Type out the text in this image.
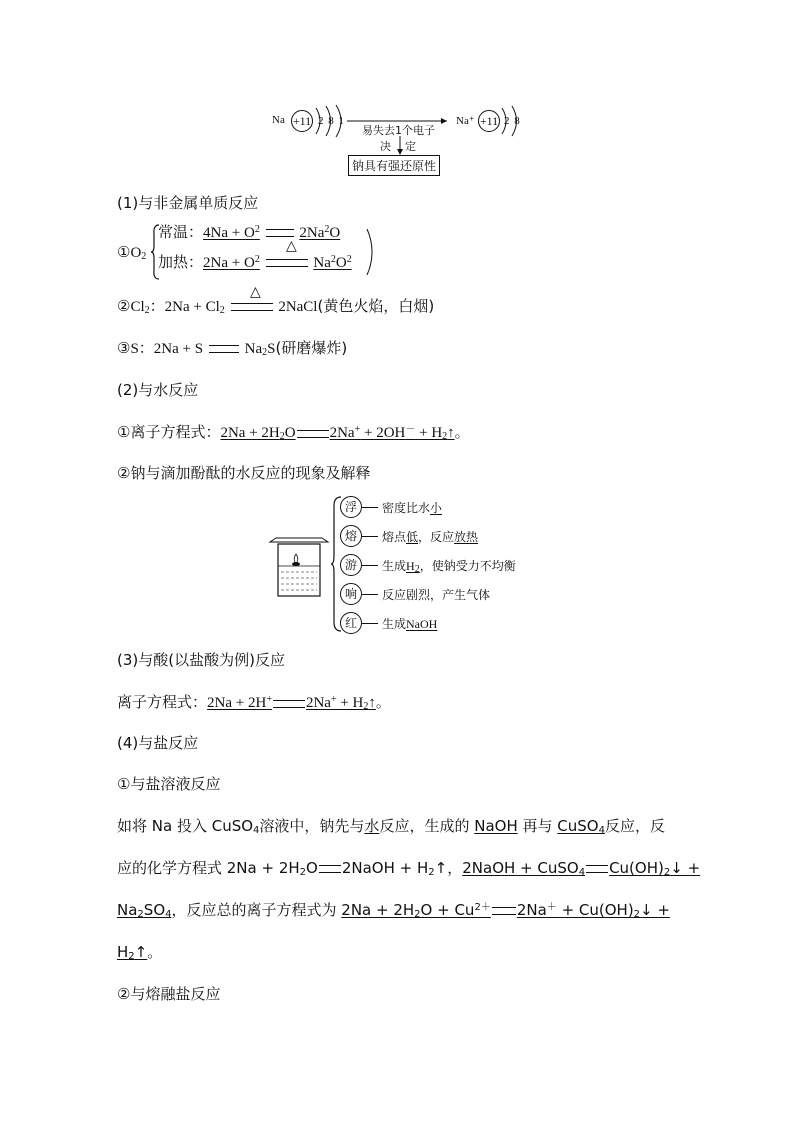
Na +11 2 8 1
易失去1个电子
Na⁺ +11 2 8
决 定
钠具有强还原性
(1)与非金属单质反应
$①O_2$
常温：$4Na + O^2$	2Na$^2$O
△
加热：$2Na + O^2$	$Na^2O^2$
△
$②Cl_2$：$2Na + Cl_2$	2NaCl(黄色火焰，白烟)
③S：2Na + S	$Na_2S$(研磨爆炸)
(2)与水反应
①离子方程式：$2Na + 2H_2O$ $2Na^+ + 2OH^- + H_2↑$。
②钠与滴加酚酞的水反应的现象及解释
浮	密度比水小
熔	熔点低，反应放热
游	生成$H_2$，使钠受力不均衡
响	反应剧烈，产生气体
红	生成NaOH
(3)与酸(以盐酸为例)反应
离子方程式：2Na + 2H+ $2Na^+ + H_2↑$。
(4)与盐反应
①与盐溶液反应
如将 Na 投入 CuSO$_4$溶液中，钠先与水反应，生成的 NaOH 再与 CuSO$_4$反应，反
应的化学方程式 $2Na + 2H_2O$ 2NaOH + $H_2↑$，2NaOH + CuSO$_4$ $Cu(OH)_2↓$ +
$Na_2SO_4$，反应总的离子方程式为 $2Na + 2H_2O + Cu^{2+}$ $2Na^+ + Cu(OH)_2↓$ +
$H_2↑$。
②与熔融盐反应
